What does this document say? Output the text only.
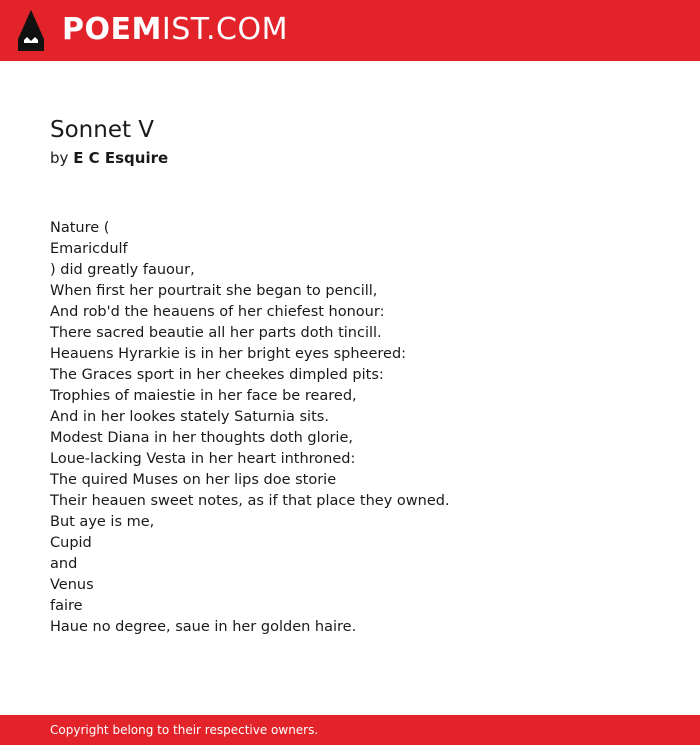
POEMIST.COM
Sonnet V
by E C Esquire
Nature (
Emaricdulf
) did greatly fauour,
When first her pourtrait she began to pencill,
And rob'd the heauens of her chiefest honour:
There sacred beautie all her parts doth tincill.
Heauens Hyrarkie is in her bright eyes spheered:
The Graces sport in her cheekes dimpled pits:
Trophies of maiestie in her face be reared,
And in her lookes stately Saturnia sits.
Modest Diana in her thoughts doth glorie,
Loue-lacking Vesta in her heart inthroned:
The quired Muses on her lips doe storie
Their heauen sweet notes, as if that place they owned.
But aye is me,
Cupid
and
Venus
faire
Haue no degree, saue in her golden haire.
Copyright belong to their respective owners.
